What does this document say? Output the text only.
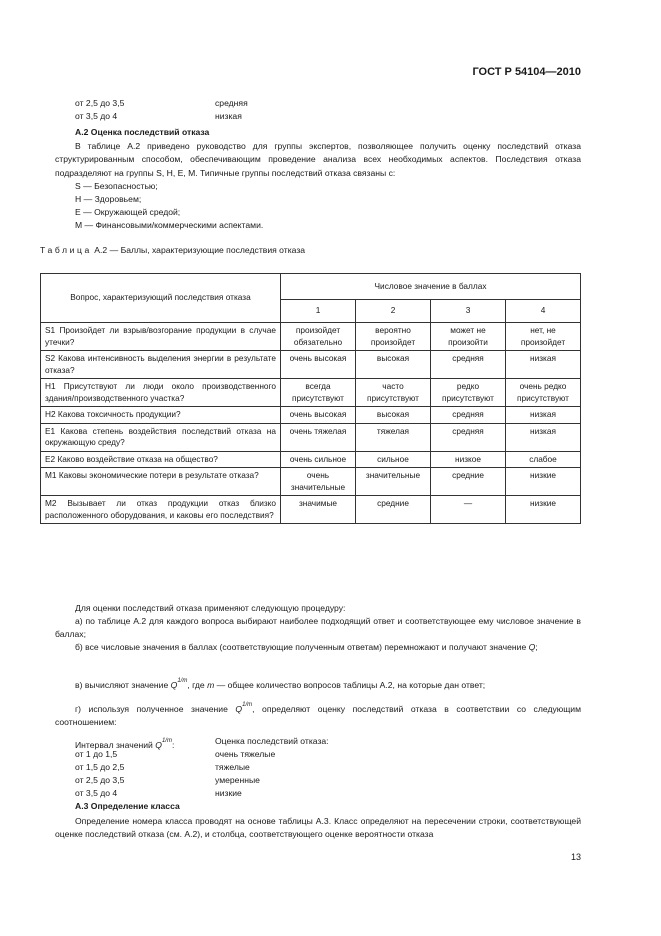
ГОСТ Р 54104—2010
от 2,5 до 3,5	средняя
от 3,5 до 4	низкая
А.2 Оценка последствий отказа
В таблице А.2 приведено руководство для группы экспертов, позволяющее получить оценку последствий отказа структурированным способом, обеспечивающим проведение анализа всех необходимых аспектов. Последствия отказа подразделяют на группы S, H, E, M. Типичные группы последствий отказа связаны с:
S — Безопасностью;
Н — Здоровьем;
E — Окружающей средой;
M — Финансовыми/коммерческими аспектами.
Таблица А.2 — Баллы, характеризующие последствия отказа
Вопрос, характеризующий последствия отказа	Числовое значение в баллах			
	1	2	3	4
S1 Произойдет ли взрыв/возгорание продукции в случае утечки?	произойдет обязательно	вероятно произойдет	может не произойти	нет, не произойдет
S2 Какова интенсивность выделения энергии в результате отказа?	очень высокая	высокая	средняя	низкая
H1 Присутствуют ли люди около производственного здания/производственного участка?	всегда присутствуют	часто присутствуют	редко присутствуют	очень редко присутствуют
H2 Какова токсичность продукции?	очень высокая	высокая	средняя	низкая
E1 Какова степень воздействия последствий отказа на окружающую среду?	очень тяжелая	тяжелая	средняя	низкая
E2 Каково воздействие отказа на общество?	очень сильное	сильное	низкое	слабое
M1 Каковы экономические потери в результате отказа?	очень значительные	значительные	средние	низкие
M2 Вызывает ли отказ продукции отказ близко расположенного оборудования, и каковы его последствия?	значимые	средние	—	низкие
Для оценки последствий отказа применяют следующую процедуру:
а) по таблице А.2 для каждого вопроса выбирают наиболее подходящий ответ и соответствующее ему числовое значение в баллах;
б) все числовые значения в баллах (соответствующие полученным ответам) перемножают и получают значение Q;
в) вычисляют значение $Q^{1/m}$, где m — общее количество вопросов таблицы А.2, на которые дан ответ;
г) используя полученное значение $Q^{1/m}$, определяют оценку последствий отказа в соответствии со следующим соотношением:
Интервал значений $Q^{1/m}$:	Оценка последствий отказа:
от 1 до 1,5	очень тяжелые
от 1,5 до 2,5	тяжелые
от 2,5 до 3,5	умеренные
от 3,5 до 4	низкие
А.3 Определение класса
Определение номера класса проводят на основе таблицы А.3. Класс определяют на пересечении строки, соответствующей оценке последствий отказа (см. А.2), и столбца, соответствующего оценке вероятности отказа
13
